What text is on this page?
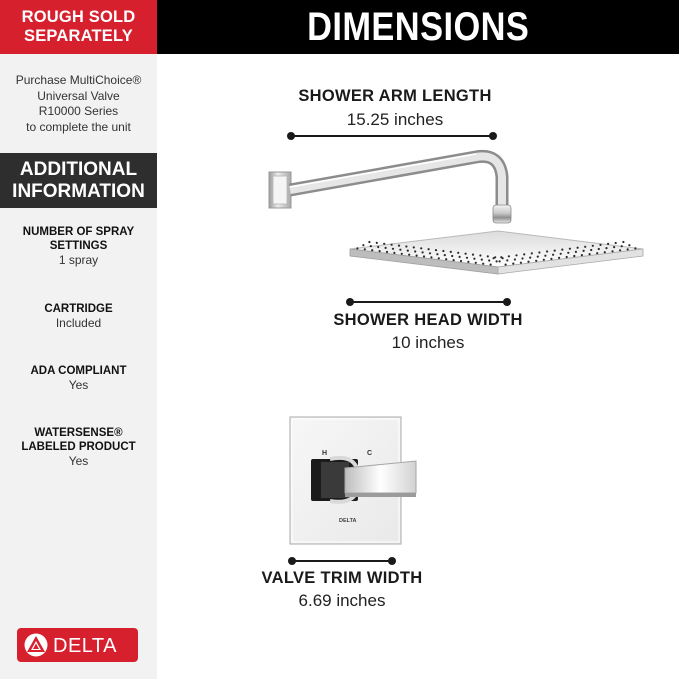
ROUGH SOLD
SEPARATELY
Purchase MultiChoice®
Universal Valve
R10000 Series
to complete the unit
ADDITIONAL
INFORMATION
NUMBER OF SPRAY
SETTINGS
1 spray
CARTRIDGE
Included
ADA COMPLIANT
Yes
WATERSENSE®
LABELED PRODUCT
Yes
DELTA
DIMENSIONS
SHOWER ARM LENGTH
15.25 inches
SHOWER HEAD WIDTH
10 inches
H	C
DELTA
VALVE TRIM WIDTH
6.69 inches
